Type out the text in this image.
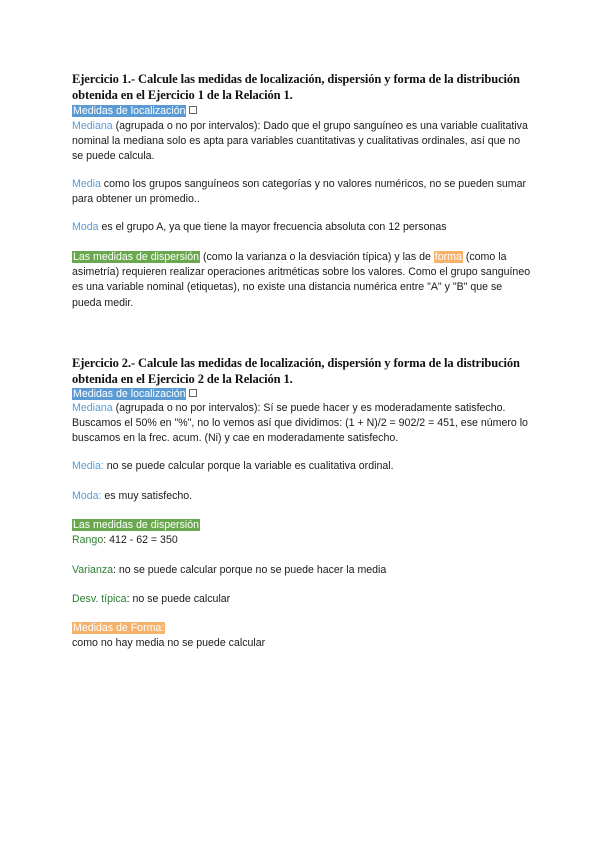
Ejercicio 1.- Calcule las medidas de localización, dispersión y forma de la distribución obtenida en el Ejercicio 1 de la Relación 1.
Medidas de localización
Mediana (agrupada o no por intervalos): Dado que el grupo sanguíneo es una variable cualitativa nominal la mediana solo es apta para variables cuantitativas y cualitativas ordinales, así que no se puede calcula.
Media como los grupos sanguíneos son categorías y no valores numéricos, no se pueden sumar para obtener un promedio..
Moda es el grupo A, ya que tiene la mayor frecuencia absoluta con 12 personas
Las medidas de dispersión (como la varianza o la desviación típica) y las de forma (como la asimetría) requieren realizar operaciones aritméticas sobre los valores. Como el grupo sanguíneo es una variable nominal (etiquetas), no existe una distancia numérica entre "A" y "B" que se pueda medir.
Ejercicio 2.- Calcule las medidas de localización, dispersión y forma de la distribución obtenida en el Ejercicio 2 de la Relación 1.
Medidas de localización
Mediana (agrupada o no por intervalos): Sí se puede hacer y es moderadamente satisfecho. Buscamos el 50% en "%", no lo vemos así que dividimos: (1 + N)/2 = 902/2 = 451, ese número lo buscamos en la frec. acum. (Ni) y cae en moderadamente satisfecho.
Media: no se puede calcular porque la variable es cualitativa ordinal.
Moda: es muy satisfecho.
Las medidas de dispersión
Rango: 412 - 62 = 350
Varianza: no se puede calcular porque no se puede hacer la media
Desv. típica: no se puede calcular
Medidas de Forma:
como no hay media no se puede calcular
